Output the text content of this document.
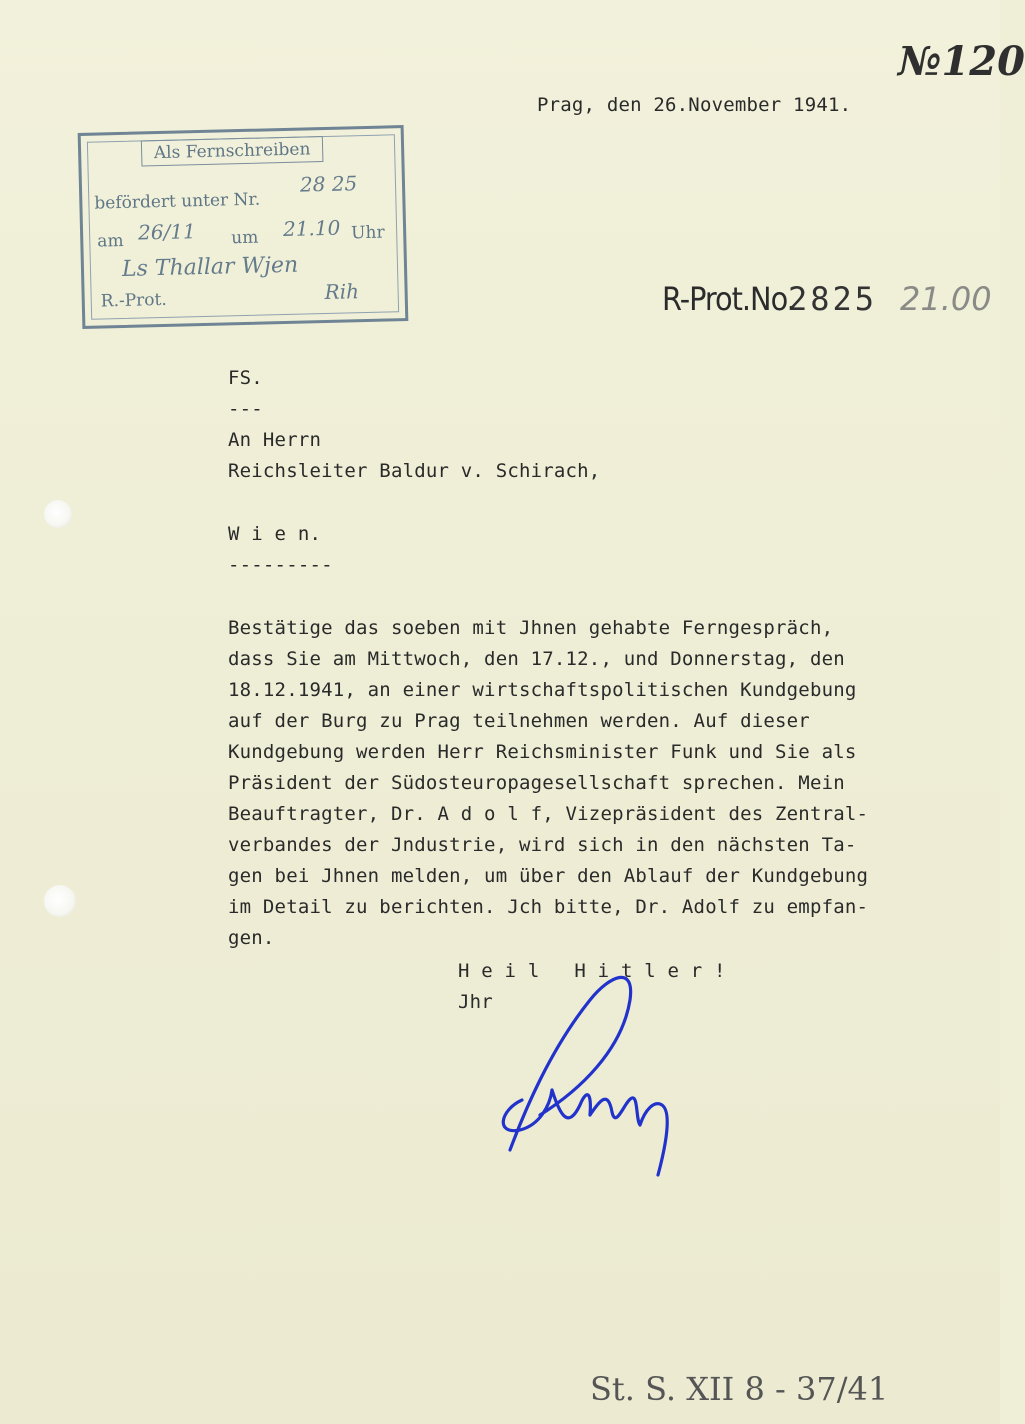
№120
Prag, den 26.November 1941.
Als Fernschreiben
befördert unter Nr.
28 25
am 26/11 um 21.10 Uhr
Ls Thallar Wjen
R.-Prot.	Rih	R-Prot.No.
2825 21.00
FS.
---
An Herrn
Reichsleiter Baldur v. Schirach,
W i e n.
---------
Bestätige das soeben mit Jhnen gehabte Ferngespräch,
dass Sie am Mittwoch, den 17.12., und Donnerstag, den
18.12.1941, an einer wirtschaftspolitischen Kundgebung
auf der Burg zu Prag teilnehmen werden. Auf dieser
Kundgebung werden Herr Reichsminister Funk und Sie als
Präsident der Südosteuropagesellschaft sprechen. Mein
Beauftragter, Dr. A d o l f, Vizepräsident des Zentral-
verbandes der Jndustrie, wird sich in den nächsten Ta-
gen bei Jhnen melden, um über den Ablauf der Kundgebung
im Detail zu berichten. Jch bitte, Dr. Adolf zu empfan-
gen.
H e i l   H i t l e r !
Jhr
St. S. XII 8 - 37/41
